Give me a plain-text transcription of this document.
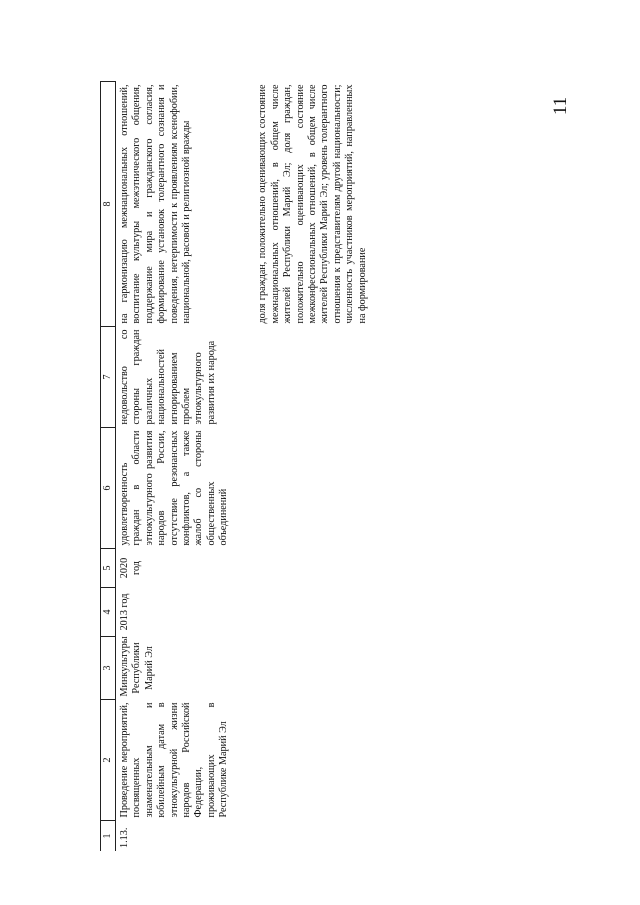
11
1	2	3	4	5	6	7	8
1.13.	Проведение мероприятий, посвященных знаменательным и юбилейным датам в этнокультурной жизни народов Российской Федерации, проживающих в Республике Марий Эл	Минкультуры Республики Марий Эл	2013 год	2020 год	удовлетворенность граждан в области этнокультурного развития народов России, отсутствие резонансных конфликтов, а также жалоб со стороны общественных объединений	недовольство со стороны граждан различных национальностей игнорированием проблем этнокультурного развития их народа	на гармонизацию межнациональных отношений, воспитание культуры межэтнического общения, поддержание мира и гражданского согласия, формирование установок толерантного сознания и поведения, нетерпимости к проявлениям ксенофобии, национальной, расовой и религиозной вражды доля граждан, положительно оценивающих состояние межнациональных отношений, в общем числе жителей Республики Марий Эл; доля граждан, положительно оценивающих состояние межконфессиональных отношений, в общем числе жителей Республики Марий Эл; уровень толерантного отношения к представителям другой национальности; численность участников мероприятий, направленных на формирование
